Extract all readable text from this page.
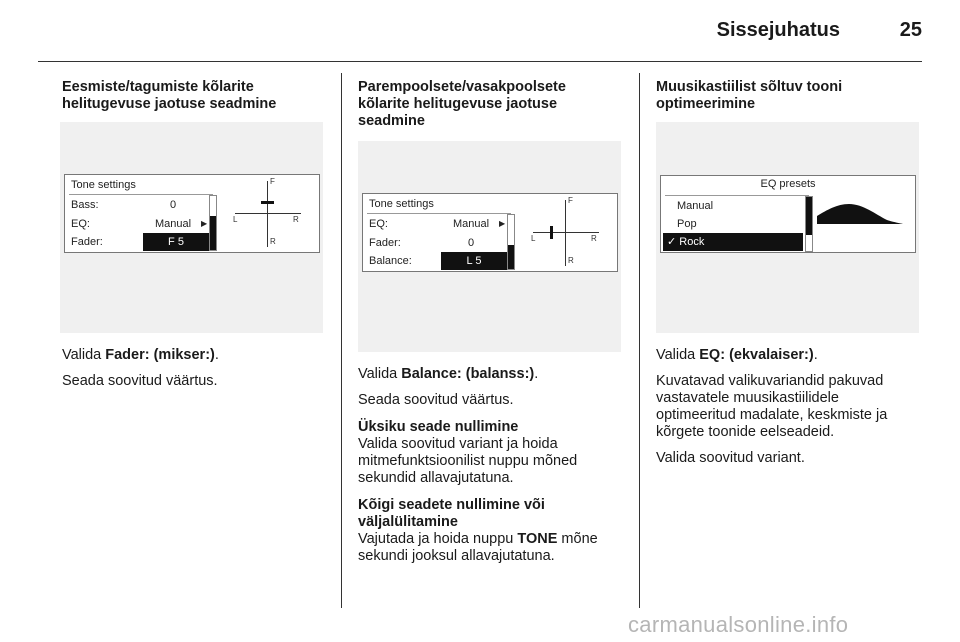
Sissejuhatus	25
Eesmiste/tagumiste kõlarite
helitugevuse jaotuse seadmine
Tone settings
Bass:	0
EQ:	Manual	▶
Fader:	F 5
F
R
L	R

Valida Fader: (mikser:).

Seada soovitud väärtus.

Parempoolsete/vasakpoolsete
kõlarite helitugevuse jaotuse
seadmine
Tone settings
EQ:	Manual	▶
Fader:	0
Balance:	L 5
F
R
L	R

Valida Balance: (balanss:).

Seada soovitud väärtus.

Üksiku seade nullimine

Valida soovitud variant ja hoida
mitmefunktsioonilist nuppu mõned
sekundid allavajutatuna.

Kõigi seadete nullimine või
väljalülitamine

Vajutada ja hoida nuppu TONE mõne
sekundi jooksul allavajutatuna.

Muusikastiilist sõltuv tooni
optimeerimine
EQ presets
Manual
Pop
✓ Rock

Valida EQ: (ekvalaiser:).

Kuvatavad valikuvariandid pakuvad
vastavatele muusikastiilidele
optimeeritud madalate, keskmiste ja
kõrgete toonide eelseadeid.

Valida soovitud variant.

carmanualsonline.info
